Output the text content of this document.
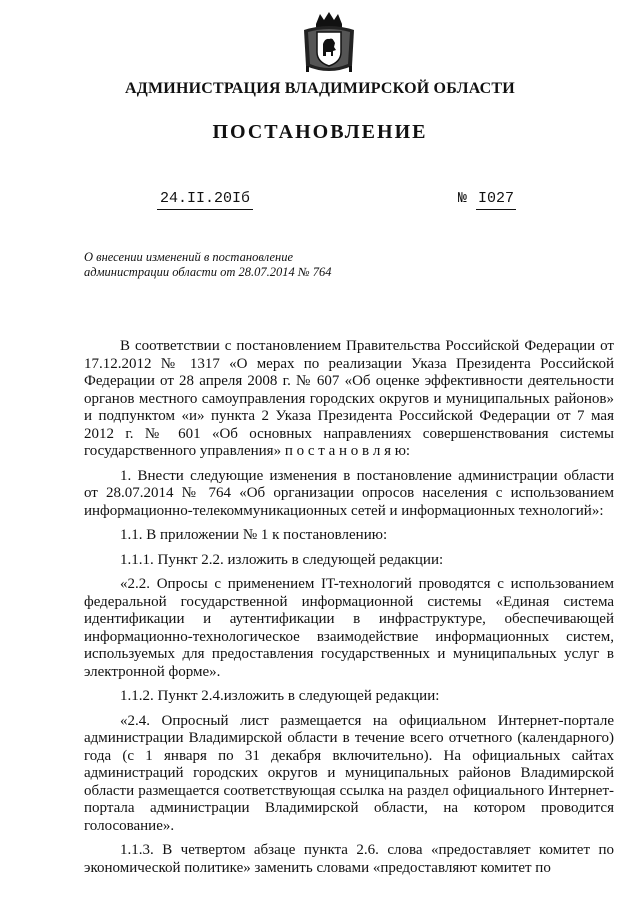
АДМИНИСТРАЦИЯ ВЛАДИМИРСКОЙ ОБЛАСТИ
ПОСТАНОВЛЕНИЕ
24.II.20Iб	№ I027
О внесении изменений в постановление
администрации области от 28.07.2014 № 764

В соответствии с постановлением Правительства Российской Федерации от 17.12.2012 № 1317 «О мерах по реализации Указа Президента Российской Федерации от 28 апреля 2008 г. № 607 «Об оценке эффективности деятельности органов местного самоуправления городских округов и муниципальных районов» и подпунктом «и» пункта 2 Указа Президента Российской Федерации от 7 мая 2012 г. № 601 «Об основных направлениях совершенствования системы государственного управления» п о с т а н о в л я ю:

1. Внести следующие изменения в постановление администрации области от 28.07.2014 № 764 «Об организации опросов населения с использованием информационно-телекоммуникационных сетей и информационных технологий»:

1.1. В приложении № 1 к постановлению:

1.1.1. Пункт 2.2. изложить в следующей редакции:

«2.2. Опросы с применением IT-технологий проводятся с использованием федеральной государственной информационной системы «Единая система идентификации и аутентификации в инфраструктуре, обеспечивающей информационно-технологическое взаимодействие информационных систем, используемых для предоставления государственных и муниципальных услуг в электронной форме».

1.1.2. Пункт 2.4.изложить в следующей редакции:

«2.4. Опросный лист размещается на официальном Интернет-портале администрации Владимирской области в течение всего отчетного (календарного) года (с 1 января по 31 декабря включительно). На официальных сайтах администраций городских округов и муниципальных районов Владимирской области размещается соответствующая ссылка на раздел официального Интернет-портала администрации Владимирской области, на котором проводится голосование».

1.1.3. В четвертом абзаце пункта 2.6. слова «предоставляет комитет по экономической политике» заменить словами «предоставляют комитет по
